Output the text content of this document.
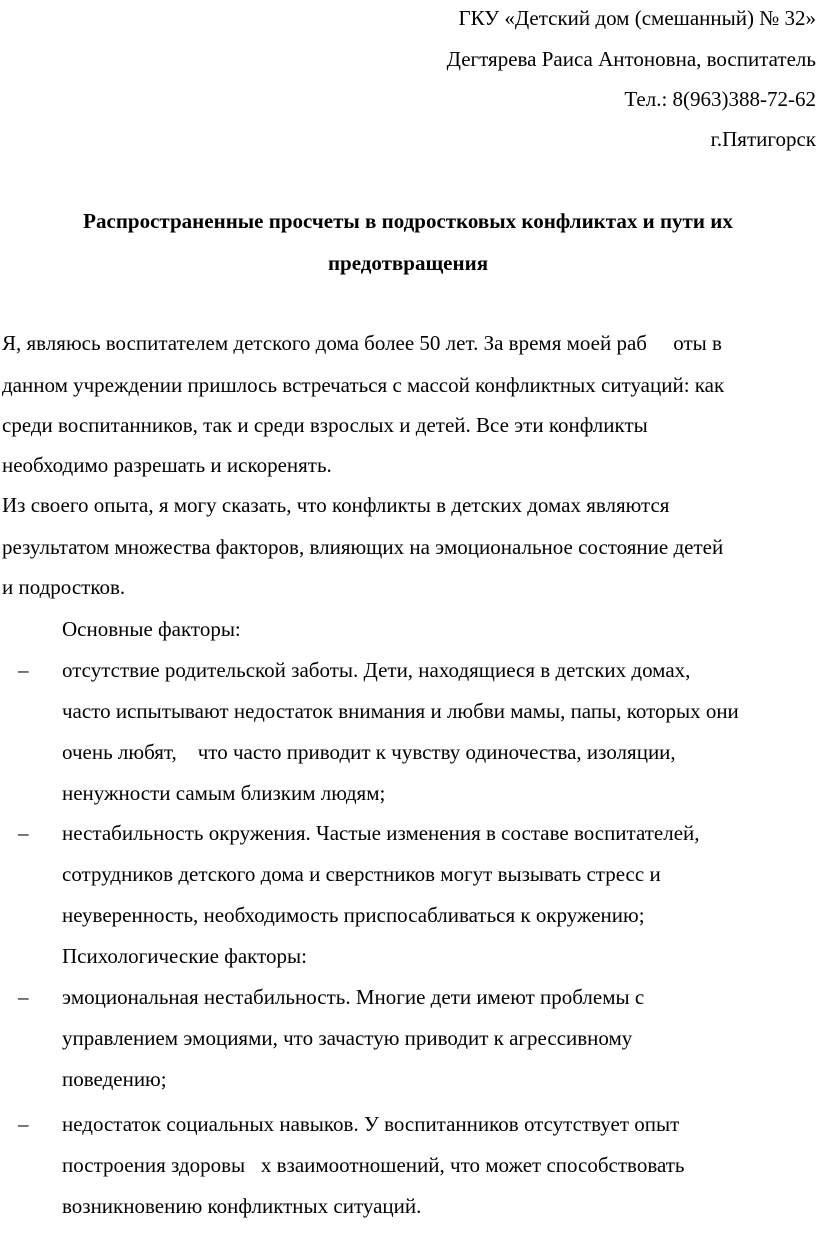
ГКУ «Детский дом (смешанный) № 32»
Дегтярева Раиса Антоновна, воспитатель
Тел.: 8(963)388-72-62
г.Пятигорск
Распространенные просчеты в подростковых конфликтах и пути их
предотвращения
Я, являюсь воспитателем детского дома более 50 лет. За время моей раб     оты в
данном учреждении пришлось встречаться с массой конфликтных ситуаций: как
среди воспитанников, так и среди взрослых и детей. Все эти конфликты
необходимо разрешать и искоренять.
Из своего опыта, я могу сказать, что конфликты в детских домах являются
результатом множества факторов, влияющих на эмоциональное состояние детей
и подростков.
Основные факторы:
– отсутствие родительской заботы. Дети, находящиеся в детских домах,
часто испытывают недостаток внимания и любви мамы, папы, которых они
очень любят,    что часто приводит к чувству одиночества, изоляции,
ненужности самым близким людям;
– нестабильность окружения. Частые изменения в составе воспитателей,
сотрудников детского дома и сверстников могут вызывать стресс и
неуверенность, необходимость приспосабливаться к окружению;
Психологические факторы:
– эмоциональная нестабильность. Многие дети имеют проблемы с
управлением эмоциями, что зачастую приводит к агрессивному
поведению;
– недостаток социальных навыков. У воспитанников отсутствует опыт
построения здоровы   х взаимоотношений, что может способствовать
возникновению конфликтных ситуаций.
